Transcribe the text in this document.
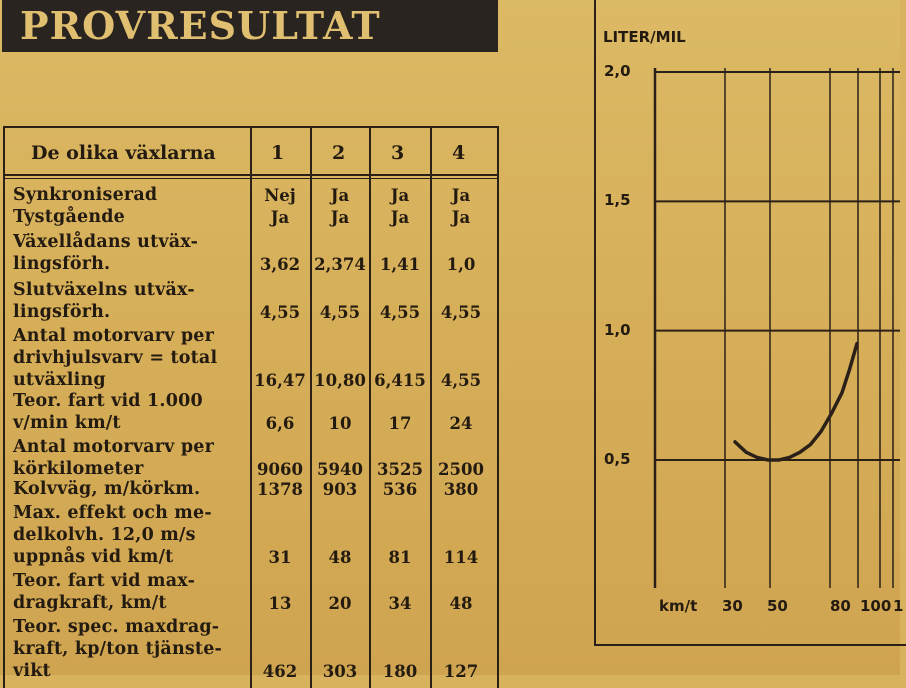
PROVRESULTAT
De olika växlarna	1	2 3	4
Synkroniserad	Nej	Ja	Ja	Ja
Tystgående	Ja	Ja	Ja	Ja
Växellådans utväx-
lingsförh.	3,62 2,374 1,41	1,0
Slutväxelns utväx-
lingsförh.	4,55	4,55	4,55	4,55
Antal motorvarv per
drivhjulsvarv = total
utväxling	16,47 10,80 6,415 4,55
Teor. fart vid 1.000
v/min km/t	6,6	10	17	24
Antal motorvarv per
körkilometer	9060 5940 3525 2500
Kolvväg, m/körkm.	1378	903	536	380
Max. effekt och me-
delkolvh. 12,0 m/s
uppnås vid km/t	31	48	81	114
Teor. fart vid max-
dragkraft, km/t	13	20	34	48
Teor. spec. maxdrag-
kraft, kp/ton tjänste-
vikt	462	303	180	127
LITER/MIL
2,0
1,5
1,0
0,5
km/t 30 50	80 100 1
